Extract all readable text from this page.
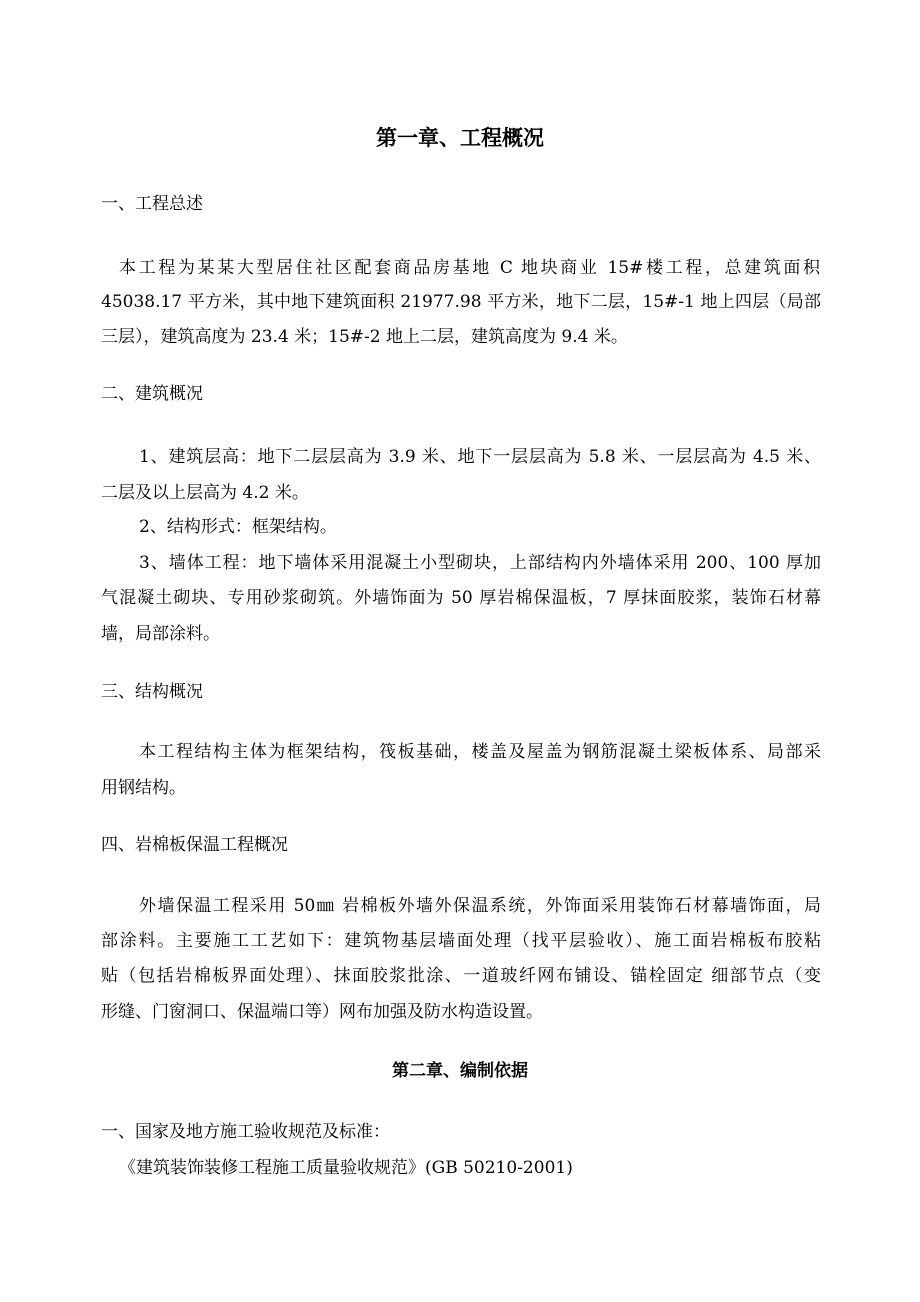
第一章、工程概况

一、工程总述

本工程为某某大型居住社区配套商品房基地 C 地块商业 15#楼工程，总建筑面积

45038.17 平方米，其中地下建筑面积 21977.98 平方米，地下二层，15#-1 地上四层（局部

三层），建筑高度为 23.4 米；15#-2 地上二层，建筑高度为 9.4 米。

二、建筑概况

1、建筑层高：地下二层层高为 3.9 米、地下一层层高为 5.8 米、一层层高为 4.5 米、

二层及以上层高为 4.2 米。

2、结构形式：框架结构。

3、墙体工程：地下墙体采用混凝土小型砌块，上部结构内外墙体采用 200、100 厚加

气混凝土砌块、专用砂浆砌筑。外墙饰面为 50 厚岩棉保温板，7 厚抹面胶浆，装饰石材幕

墙，局部涂料。

三、结构概况

本工程结构主体为框架结构，筏板基础，楼盖及屋盖为钢筋混凝土梁板体系、局部采

用钢结构。

四、岩棉板保温工程概况

外墙保温工程采用 50㎜ 岩棉板外墙外保温系统，外饰面采用装饰石材幕墙饰面，局

部涂料。主要施工工艺如下：建筑物基层墙面处理（找平层验收）、施工面岩棉板布胶粘

贴（包括岩棉板界面处理）、抹面胶浆批涂、一道玻纤网布铺设、锚栓固定 细部节点（变

形缝、门窗洞口、保温端口等）网布加强及防水构造设置。

第二章、编制依据

一、国家及地方施工验收规范及标准：

《建筑装饰装修工程施工质量验收规范》(GB 50210-2001)
